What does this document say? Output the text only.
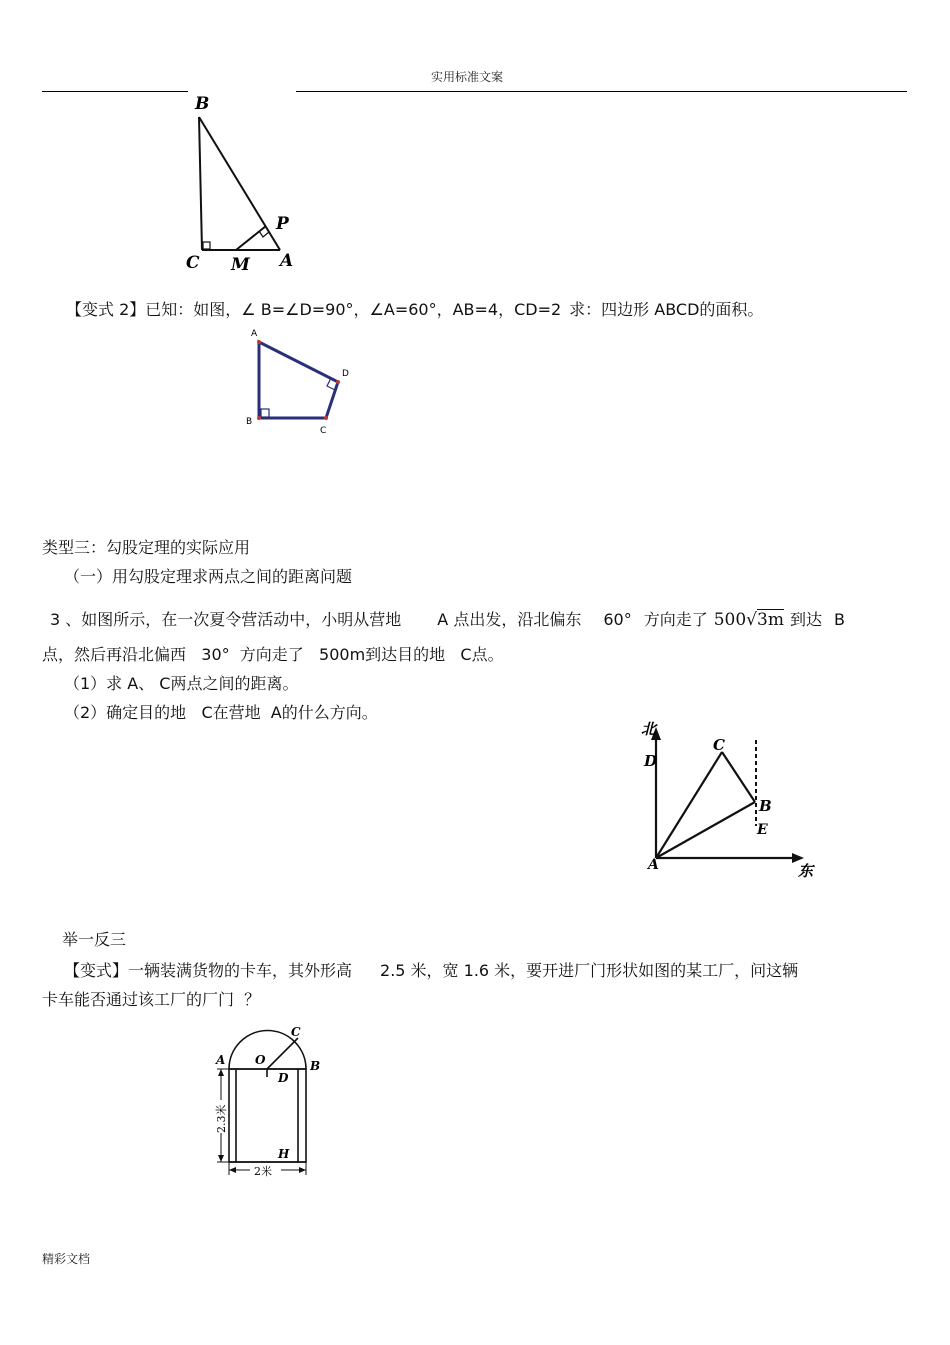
实用标准文案
B
C M A
P
【变式 2】已知：如图，∠ B=∠D=90°，∠A=60°，AB=4，CD=2 求：四边形 ABCD的面积。
A
D
B
C
类型三：勾股定理的实际应用
（一）用勾股定理求两点之间的距离问题
3 、如图所示，在一次夏令营活动中，小明从营地 A 点出发，沿北偏东 60° 方向走了 500√3m 到达 B
点，然后再沿北偏西   30°  方向走了   500m到达目的地   C点。
（1）求 A、 C两点之间的距离。
（2）确定目的地   C在营地  A的什么方向。
北
东
D
C
B
E
A
举一反三
【变式】一辆装满货物的卡车，其外形高 2.5 米，宽 1.6 米，要开进厂门形状如图的某工厂，问这辆
卡车能否通过该工厂的厂门  ？
A	B
C
D
O
H
2.3米
2米
精彩文档
